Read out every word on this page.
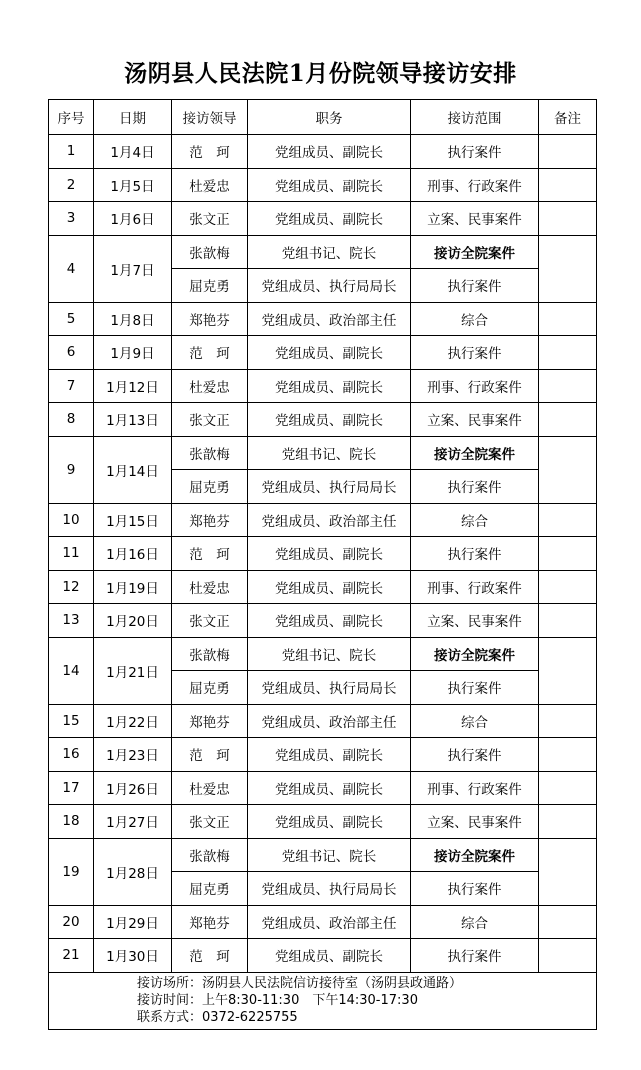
汤阴县人民法院1月份院领导接访安排
序号	日期	接访领导	职务	接访范围	备注
1	1月4日	范　珂	党组成员、副院长	执行案件	
2	1月5日	杜爱忠	党组成员、副院长	刑事、行政案件	
3	1月6日	张文正	党组成员、副院长	立案、民事案件	
4	1月7日	张歆梅	党组书记、院长	接访全院案件	
		屈克勇	党组成员、执行局局长	执行案件	
5	1月8日	郑艳芬	党组成员、政治部主任	综合	
6	1月9日	范　珂	党组成员、副院长	执行案件	
7	1月12日	杜爱忠	党组成员、副院长	刑事、行政案件	
8	1月13日	张文正	党组成员、副院长	立案、民事案件	
9	1月14日	张歆梅	党组书记、院长	接访全院案件	
		屈克勇	党组成员、执行局局长	执行案件	
10	1月15日	郑艳芬	党组成员、政治部主任	综合	
11	1月16日	范　珂	党组成员、副院长	执行案件	
12	1月19日	杜爱忠	党组成员、副院长	刑事、行政案件	
13	1月20日	张文正	党组成员、副院长	立案、民事案件	
14	1月21日	张歆梅	党组书记、院长	接访全院案件	
		屈克勇	党组成员、执行局局长	执行案件	
15	1月22日	郑艳芬	党组成员、政治部主任	综合	
16	1月23日	范　珂	党组成员、副院长	执行案件	
17	1月26日	杜爱忠	党组成员、副院长	刑事、行政案件	
18	1月27日	张文正	党组成员、副院长	立案、民事案件	
19	1月28日	张歆梅	党组书记、院长	接访全院案件	
		屈克勇	党组成员、执行局局长	执行案件	
20	1月29日	郑艳芬	党组成员、政治部主任	综合	
21	1月30日	范　珂	党组成员、副院长	执行案件	

接访场所：汤阴县人民法院信访接待室（汤阴县政通路）
接访时间：上午8:30-11:30　下午14:30-17:30
联系方式：0372-6225755					
